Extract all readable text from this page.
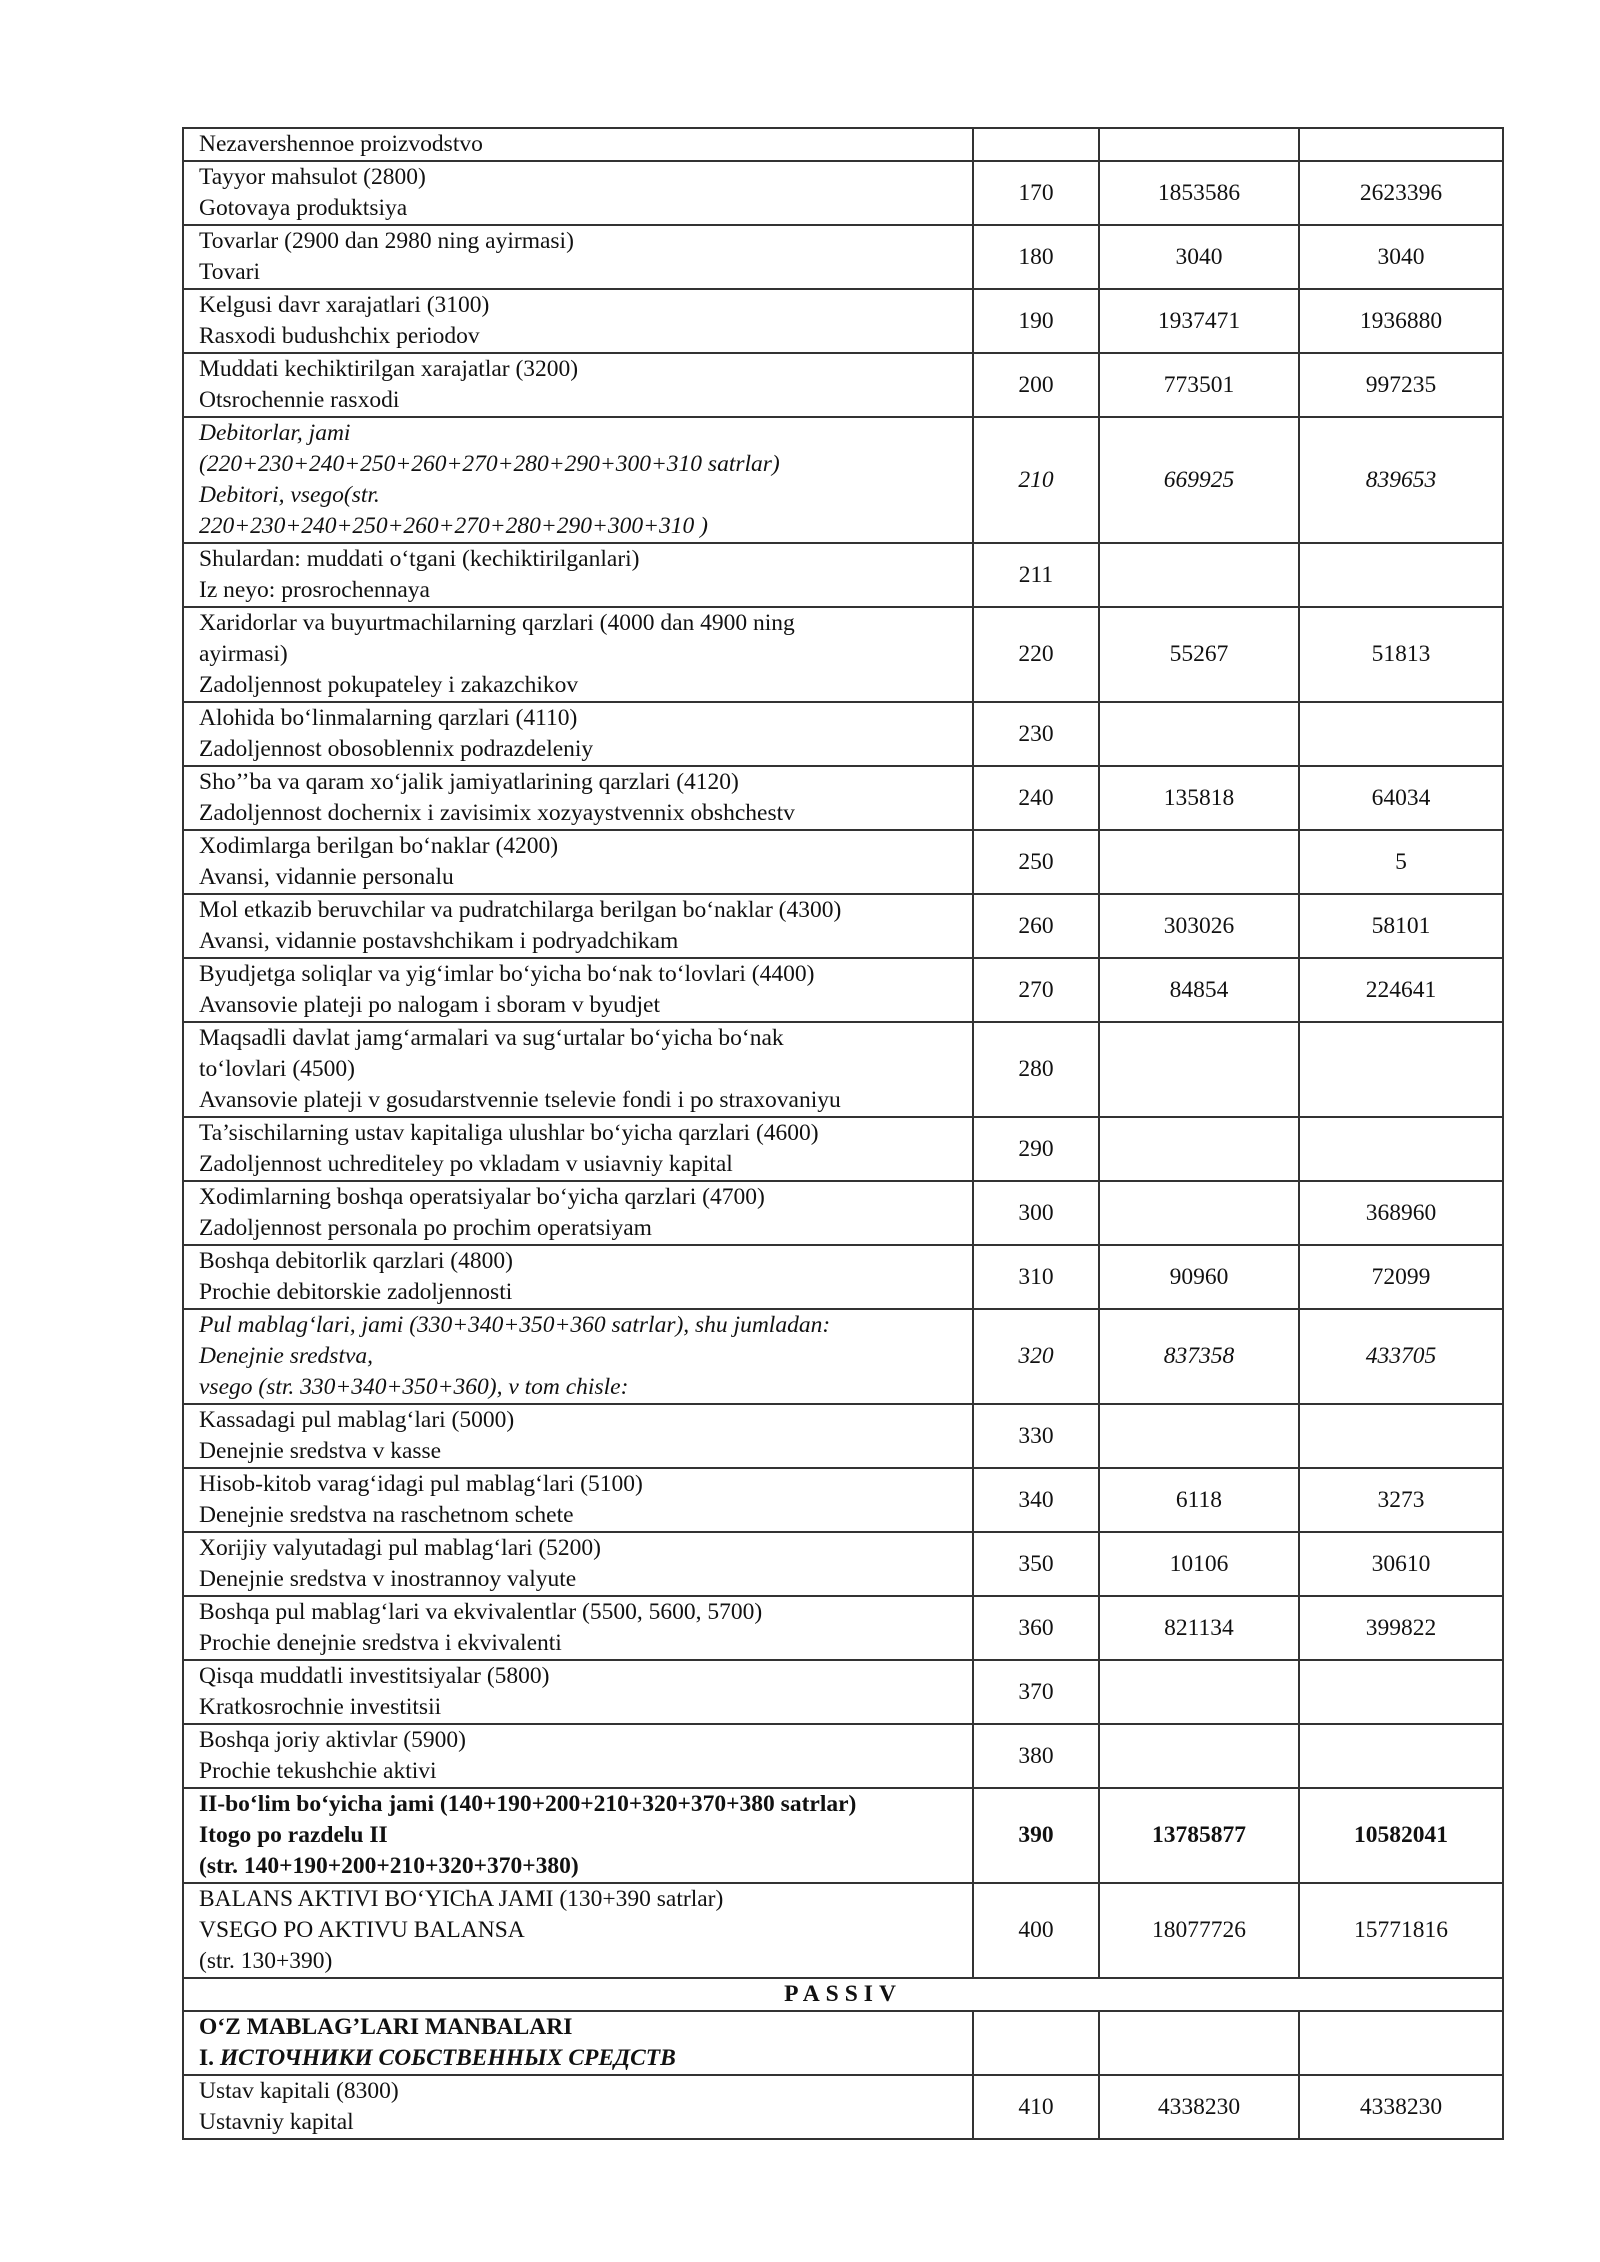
Nezavershennoe proizvodstvo			

Tayyor mahsulot (2800)
Gotovaya produktsiya	170	1853586	2623396

Tovarlar (2900 dan 2980 ning ayirmasi)
Tovari	180	3040	3040

Kelgusi davr xarajatlari (3100)
Rasxodi budushchix periodov	190	1937471	1936880

Muddati kechiktirilgan xarajatlar (3200)
Otsrochennie rasxodi	200	773501	997235

Debitorlar, jami
(220+230+240+250+260+270+280+290+300+310 satrlar)
Debitori, vsego(str.
220+230+240+250+260+270+280+290+300+310 )	210	669925	839653

Shulardan: muddati o‘tgani (kechiktirilganlari)
Iz neyo: prosrochennaya	211		

Xaridorlar va buyurtmachilarning qarzlari (4000 dan 4900 ning
ayirmasi)
Zadoljennost pokupateley i zakazchikov	220	55267	51813

Alohida bo‘linmalarning qarzlari (4110)
Zadoljennost obosoblennix podrazdeleniy	230		

Sho’’ba va qaram xo‘jalik jamiyatlarining qarzlari (4120)
Zadoljennost dochernix i zavisimix xozyaystvennix obshchestv	240	135818	64034

Xodimlarga berilgan bo‘naklar (4200)
Avansi, vidannie personalu	250		5

Mol etkazib beruvchilar va pudratchilarga berilgan bo‘naklar (4300)
Avansi, vidannie postavshchikam i podryadchikam	260	303026	58101

Byudjetga soliqlar va yig‘imlar bo‘yicha bo‘nak to‘lovlari (4400)
Avansovie plateji po nalogam i sboram v byudjet	270	84854	224641

Maqsadli davlat jamg‘armalari va sug‘urtalar bo‘yicha bo‘nak
to‘lovlari (4500)
Avansovie plateji v gosudarstvennie tselevie fondi i po straxovaniyu	280		

Ta’sischilarning ustav kapitaliga ulushlar bo‘yicha qarzlari (4600)
Zadoljennost uchrediteley po vkladam v usiavniy kapital	290		

Xodimlarning boshqa operatsiyalar bo‘yicha qarzlari (4700)
Zadoljennost personala po prochim operatsiyam	300		368960

Boshqa debitorlik qarzlari (4800)
Prochie debitorskie zadoljennosti	310	90960	72099

Pul mablag‘lari, jami (330+340+350+360 satrlar), shu jumladan:
Denejnie sredstva,
vsego (str. 330+340+350+360), v tom chisle:	320	837358	433705

Kassadagi pul mablag‘lari (5000)
Denejnie sredstva v kasse	330		

Hisob-kitob varag‘idagi pul mablag‘lari (5100)
Denejnie sredstva na raschetnom schete	340	6118	3273

Xorijiy valyutadagi pul mablag‘lari (5200)
Denejnie sredstva v inostrannoy valyute	350	10106	30610

Boshqa pul mablag‘lari va ekvivalentlar (5500, 5600, 5700)
Prochie denejnie sredstva i ekvivalenti	360	821134	399822

Qisqa muddatli investitsiyalar (5800)
Kratkosrochnie investitsii	370		

Boshqa joriy aktivlar (5900)
Prochie tekushchie aktivi	380		

II-bo‘lim bo‘yicha jami (140+190+200+210+320+370+380 satrlar)
Itogo po razdelu II
(str. 140+190+200+210+320+370+380)	390	13785877	10582041

BALANS AKTIVI BO‘YIChA JAMI (130+390 satrlar)
VSEGO PO AKTIVU BALANSA
(str. 130+390)	400	18077726	15771816
PASSIV			

O‘Z MABLAG’LARI MANBALARI
I. ИСТОЧНИКИ СОБСТВЕННЫХ СРЕДСТВ			

Ustav kapitali (8300)
Ustavniy kapital	410	4338230	4338230
